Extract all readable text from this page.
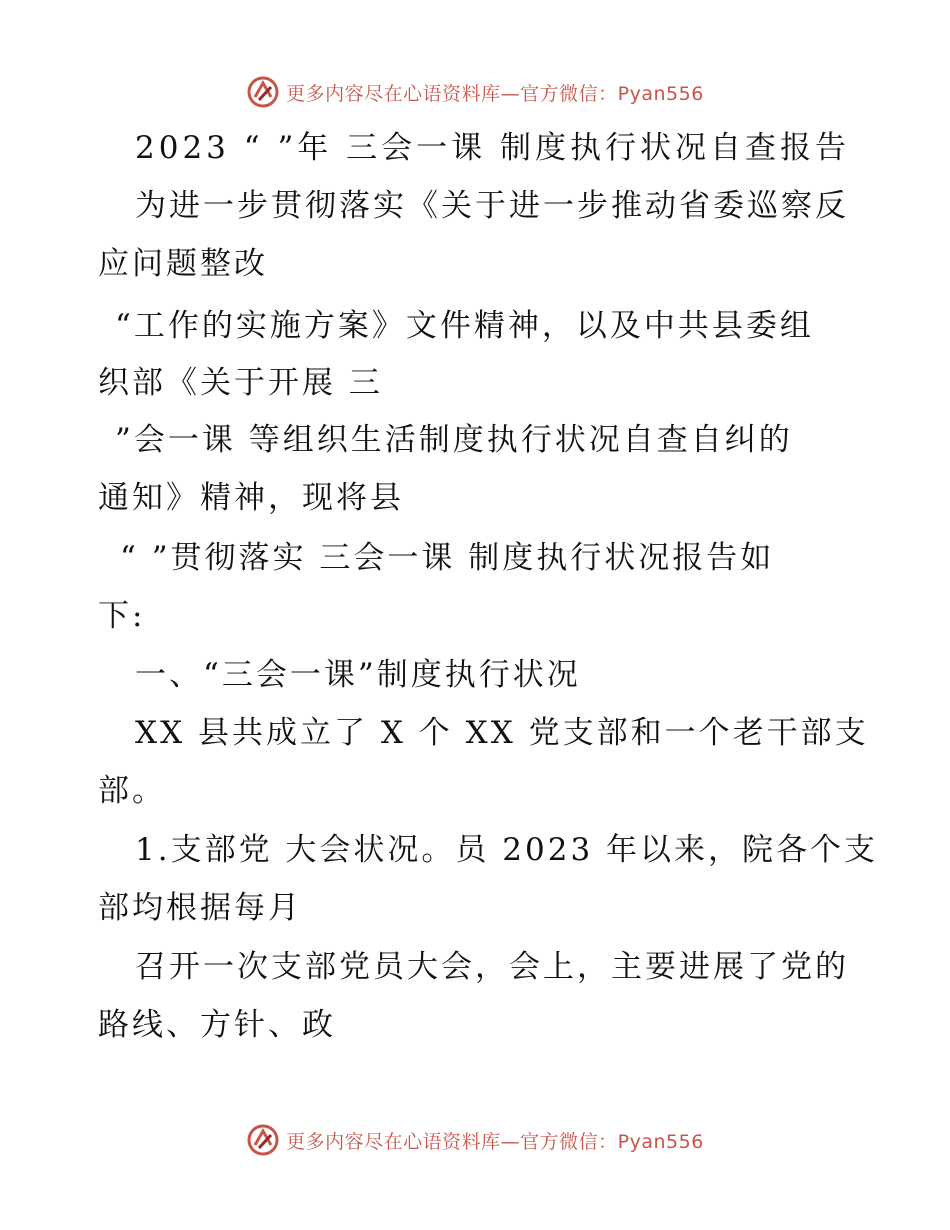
更多内容尽在心语资料库—官方微信：Pyan556
2023 “ ”年 三会一课 制度执行状况自查报告
为进一步贯彻落实《关于进一步推动省委巡察反
应问题整改
“工作的实施方案》文件精神，以及中共县委组
织部《关于开展 三
”会一课 等组织生活制度执行状况自查自纠的
通知》精神，现将县
“ ”贯彻落实 三会一课 制度执行状况报告如
下:
一、“三会一课”制度执行状况
XX 县共成立了 X 个 XX 党支部和一个老干部支
部。
1.支部党 大会状况。员 2023 年以来，院各个支
部均根据每月
召开一次支部党员大会，会上，主要进展了党的
路线、方针、政
更多内容尽在心语资料库—官方微信：Pyan556
